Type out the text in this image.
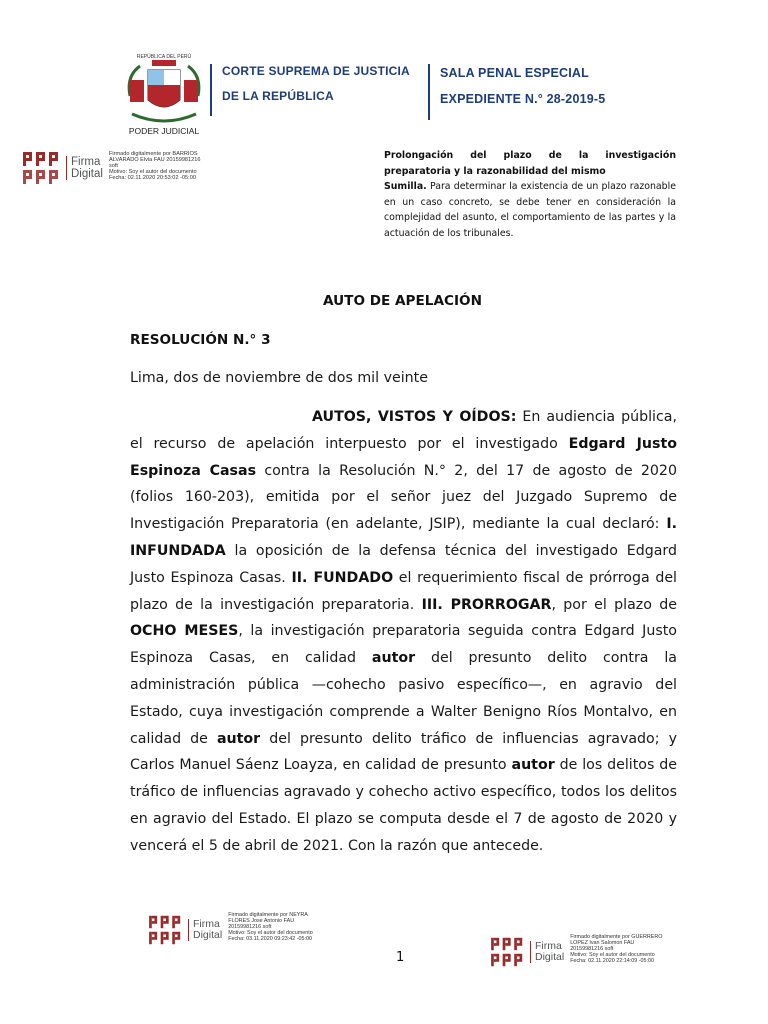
REPÚBLICA DEL PERÚ
PODER JUDICIAL
CORTE SUPREMA DE JUSTICIA
DE LA REPÚBLICA
SALA PENAL ESPECIAL
EXPEDIENTE N.° 28-2019-5
Firma
Digital
Firmado digitalmente por BARRIOS
ALVARADO Elvia FAU 20159981216
soft
Motivo: Soy el autor del documento
Fecha: 02.11.2020 20:53:02 -05:00
Prolongación del plazo de la investigación preparatoria y la razonabilidad del mismo
Sumilla. Para determinar la existencia de un plazo razonable en un caso concreto, se debe tener en consideración la complejidad del asunto, el comportamiento de las partes y la actuación de los tribunales.
AUTO DE APELACIÓN
RESOLUCIÓN N.° 3
Lima, dos de noviembre de dos mil veinte
AUTOS, VISTOS Y OÍDOS: En audiencia pública, el recurso de apelación interpuesto por el investigado Edgard Justo Espinoza Casas contra la Resolución N.° 2, del 17 de agosto de 2020 (folios 160-203), emitida por el señor juez del Juzgado Supremo de Investigación Preparatoria (en adelante, JSIP), mediante la cual declaró: I. INFUNDADA la oposición de la defensa técnica del investigado Edgard Justo Espinoza Casas. II. FUNDADO el requerimiento fiscal de prórroga del plazo de la investigación preparatoria. III. PRORROGAR, por el plazo de OCHO MESES, la investigación preparatoria seguida contra Edgard Justo Espinoza Casas, en calidad autor del presunto delito contra la administración pública —cohecho pasivo específico—, en agravio del Estado, cuya investigación comprende a Walter Benigno Ríos Montalvo, en calidad de autor del presunto delito tráfico de influencias agravado; y Carlos Manuel Sáenz Loayza, en calidad de presunto autor de los delitos de tráfico de influencias agravado y cohecho activo específico, todos los delitos en agravio del Estado. El plazo se computa desde el 7 de agosto de 2020 y vencerá el 5 de abril de 2021. Con la razón que antecede.
Firma
Digital
Firmado digitalmente por NEYRA
FLORES Jose Antonio FAU
20159981216 soft
Motivo: Soy el autor del documento
Fecha: 03.11.2020 09:23:42 -05:00
1
Firma
Digital
Firmado digitalmente por GUERRERO
LOPEZ Ivan Salomon FAU
20159981216 soft
Motivo: Soy el autor del documento
Fecha: 02.11.2020 22:14:09 -05:00
